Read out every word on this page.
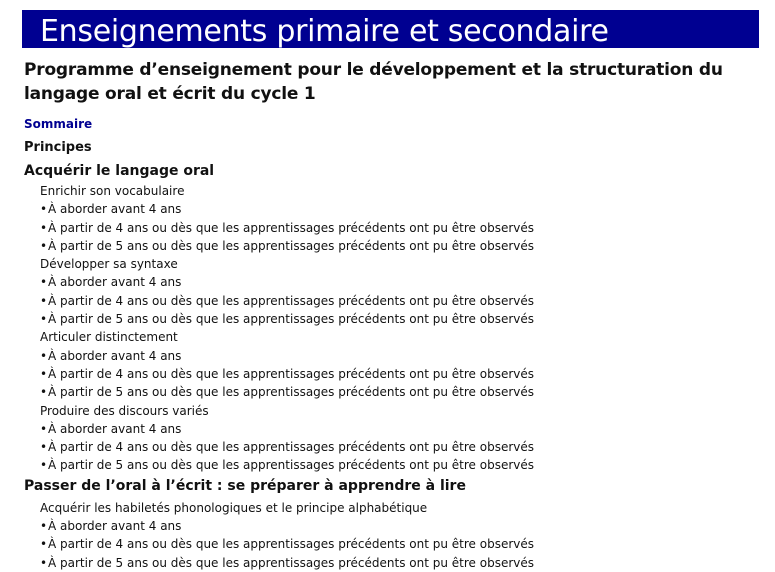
Enseignements primaire et secondaire
Programme d’enseignement pour le développement et la structuration du langage oral et écrit du cycle 1
Sommaire
Principes
Acquérir le langage oral
Enrichir son vocabulaire
•À aborder avant 4 ans
•À partir de 4 ans ou dès que les apprentissages précédents ont pu être observés
•À partir de 5 ans ou dès que les apprentissages précédents ont pu être observés
Développer sa syntaxe
•À aborder avant 4 ans
•À partir de 4 ans ou dès que les apprentissages précédents ont pu être observés
•À partir de 5 ans ou dès que les apprentissages précédents ont pu être observés
Articuler distinctement
•À aborder avant 4 ans
•À partir de 4 ans ou dès que les apprentissages précédents ont pu être observés
•À partir de 5 ans ou dès que les apprentissages précédents ont pu être observés
Produire des discours variés
•À aborder avant 4 ans
•À partir de 4 ans ou dès que les apprentissages précédents ont pu être observés
•À partir de 5 ans ou dès que les apprentissages précédents ont pu être observés
Passer de l’oral à l’écrit : se préparer à apprendre à lire
Acquérir les habiletés phonologiques et le principe alphabétique
•À aborder avant 4 ans
•À partir de 4 ans ou dès que les apprentissages précédents ont pu être observés
•À partir de 5 ans ou dès que les apprentissages précédents ont pu être observés
